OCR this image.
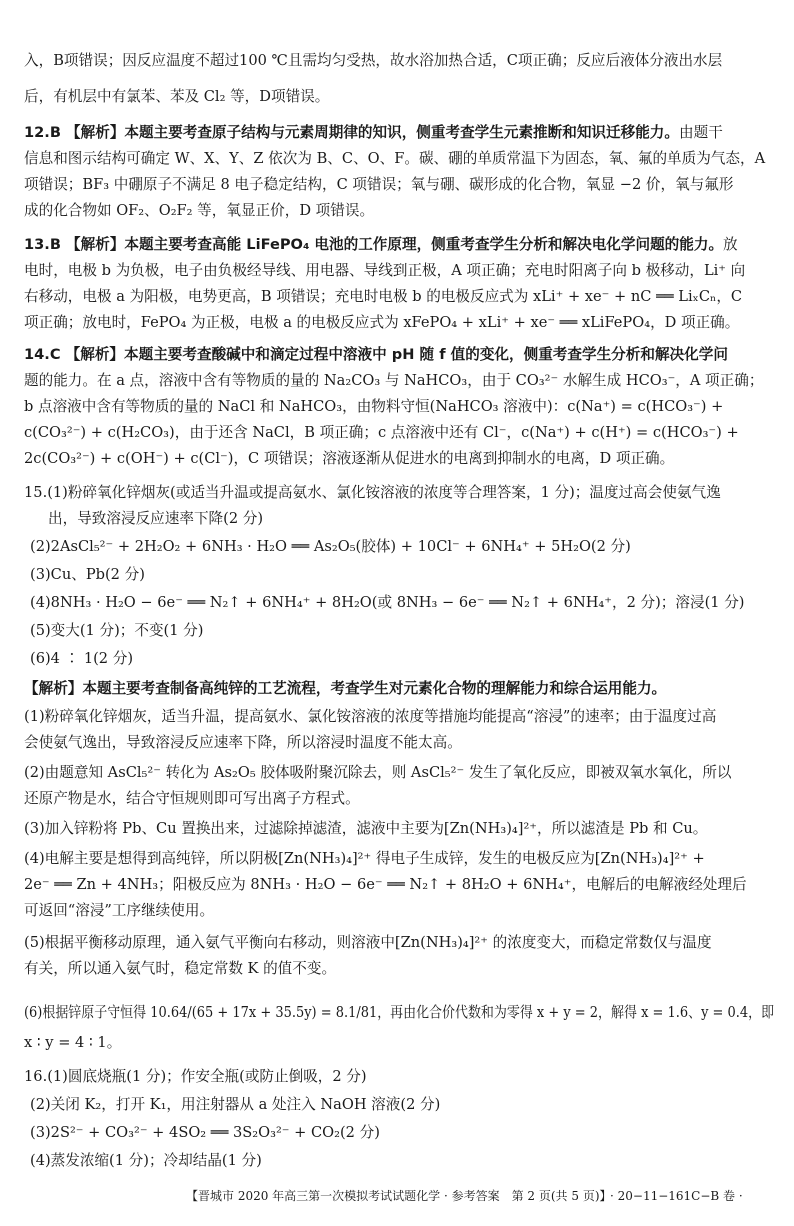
入，B项错误；因反应温度不超过100 ℃且需均匀受热，故水浴加热合适，C项正确；反应后液体分液出水层
后，有机层中有氯苯、苯及 Cl₂ 等，D项错误。
12.B 【解析】本题主要考查原子结构与元素周期律的知识，侧重考查学生元素推断和知识迁移能力。由题干
信息和图示结构可确定 W、X、Y、Z 依次为 B、C、O、F。碳、硼的单质常温下为固态，氧、氟的单质为气态，A
项错误；BF₃ 中硼原子不满足 8 电子稳定结构，C 项错误；氧与硼、碳形成的化合物，氧显 −2 价，氧与氟形
成的化合物如 OF₂、O₂F₂ 等，氧显正价，D 项错误。
13.B 【解析】本题主要考查高能 LiFePO₄ 电池的工作原理，侧重考查学生分析和解决电化学问题的能力。放
电时，电极 b 为负极，电子由负极经导线、用电器、导线到正极，A 项正确；充电时阳离子向 b 极移动，Li⁺ 向
右移动，电极 a 为阳极，电势更高，B 项错误；充电时电极 b 的电极反应式为 xLi⁺ + xe⁻ + nC ══ LiₓCₙ，C
项正确；放电时，FePO₄ 为正极，电极 a 的电极反应式为 xFePO₄ + xLi⁺ + xe⁻ ══ xLiFePO₄，D 项正确。
14.C 【解析】本题主要考查酸碱中和滴定过程中溶液中 pH 随 f 值的变化，侧重考查学生分析和解决化学问
题的能力。在 a 点，溶液中含有等物质的量的 Na₂CO₃ 与 NaHCO₃，由于 CO₃²⁻ 水解生成 HCO₃⁻，A 项正确；
b 点溶液中含有等物质的量的 NaCl 和 NaHCO₃，由物料守恒(NaHCO₃ 溶液中)：c(Na⁺) = c(HCO₃⁻) +
c(CO₃²⁻) + c(H₂CO₃)，由于还含 NaCl，B 项正确；c 点溶液中还有 Cl⁻，c(Na⁺) + c(H⁺) = c(HCO₃⁻) +
2c(CO₃²⁻) + c(OH⁻) + c(Cl⁻)，C 项错误；溶液逐渐从促进水的电离到抑制水的电离，D 项正确。
15.(1)粉碎氧化锌烟灰(或适当升温或提高氨水、氯化铵溶液的浓度等合理答案，1 分)；温度过高会使氨气逸
出，导致溶浸反应速率下降(2 分)
(2)2AsCl₅²⁻ + 2H₂O₂ + 6NH₃ · H₂O ══ As₂O₅(胶体) + 10Cl⁻ + 6NH₄⁺ + 5H₂O(2 分)
(3)Cu、Pb(2 分)
(4)8NH₃ · H₂O − 6e⁻ ══ N₂↑ + 6NH₄⁺ + 8H₂O(或 8NH₃ − 6e⁻ ══ N₂↑ + 6NH₄⁺，2 分)；溶浸(1 分)
(5)变大(1 分)；不变(1 分)
(6)4 ∶ 1(2 分)
【解析】本题主要考查制备高纯锌的工艺流程，考查学生对元素化合物的理解能力和综合运用能力。
(1)粉碎氧化锌烟灰，适当升温，提高氨水、氯化铵溶液的浓度等措施均能提高“溶浸”的速率；由于温度过高
会使氨气逸出，导致溶浸反应速率下降，所以溶浸时温度不能太高。
(2)由题意知 AsCl₅²⁻ 转化为 As₂O₅ 胶体吸附聚沉除去，则 AsCl₅²⁻ 发生了氧化反应，即被双氧水氧化，所以
还原产物是水，结合守恒规则即可写出离子方程式。
(3)加入锌粉将 Pb、Cu 置换出来，过滤除掉滤渣，滤液中主要为[Zn(NH₃)₄]²⁺，所以滤渣是 Pb 和 Cu。
(4)电解主要是想得到高纯锌，所以阴极[Zn(NH₃)₄]²⁺ 得电子生成锌，发生的电极反应为[Zn(NH₃)₄]²⁺ +
2e⁻ ══ Zn + 4NH₃；阳极反应为 8NH₃ · H₂O − 6e⁻ ══ N₂↑ + 8H₂O + 6NH₄⁺，电解后的电解液经处理后
可返回“溶浸”工序继续使用。
(5)根据平衡移动原理，通入氨气平衡向右移动，则溶液中[Zn(NH₃)₄]²⁺ 的浓度变大，而稳定常数仅与温度
有关，所以通入氨气时，稳定常数 K 的值不变。
(6)根据锌原子守恒得 10.64/(65 + 17x + 35.5y) = 8.1/81，再由化合价代数和为零得 x + y = 2，解得 x = 1.6、y = 0.4，即
x ∶ y = 4 ∶ 1。
16.(1)圆底烧瓶(1 分)；作安全瓶(或防止倒吸，2 分)
(2)关闭 K₂，打开 K₁，用注射器从 a 处注入 NaOH 溶液(2 分)
(3)2S²⁻ + CO₃²⁻ + 4SO₂ ══ 3S₂O₃²⁻ + CO₂(2 分)
(4)蒸发浓缩(1 分)；冷却结晶(1 分)
【晋城市 2020 年高三第一次模拟考试试题化学 · 参考答案　第 2 页(共 5 页)】
· 20−11−161C−B 卷 ·
